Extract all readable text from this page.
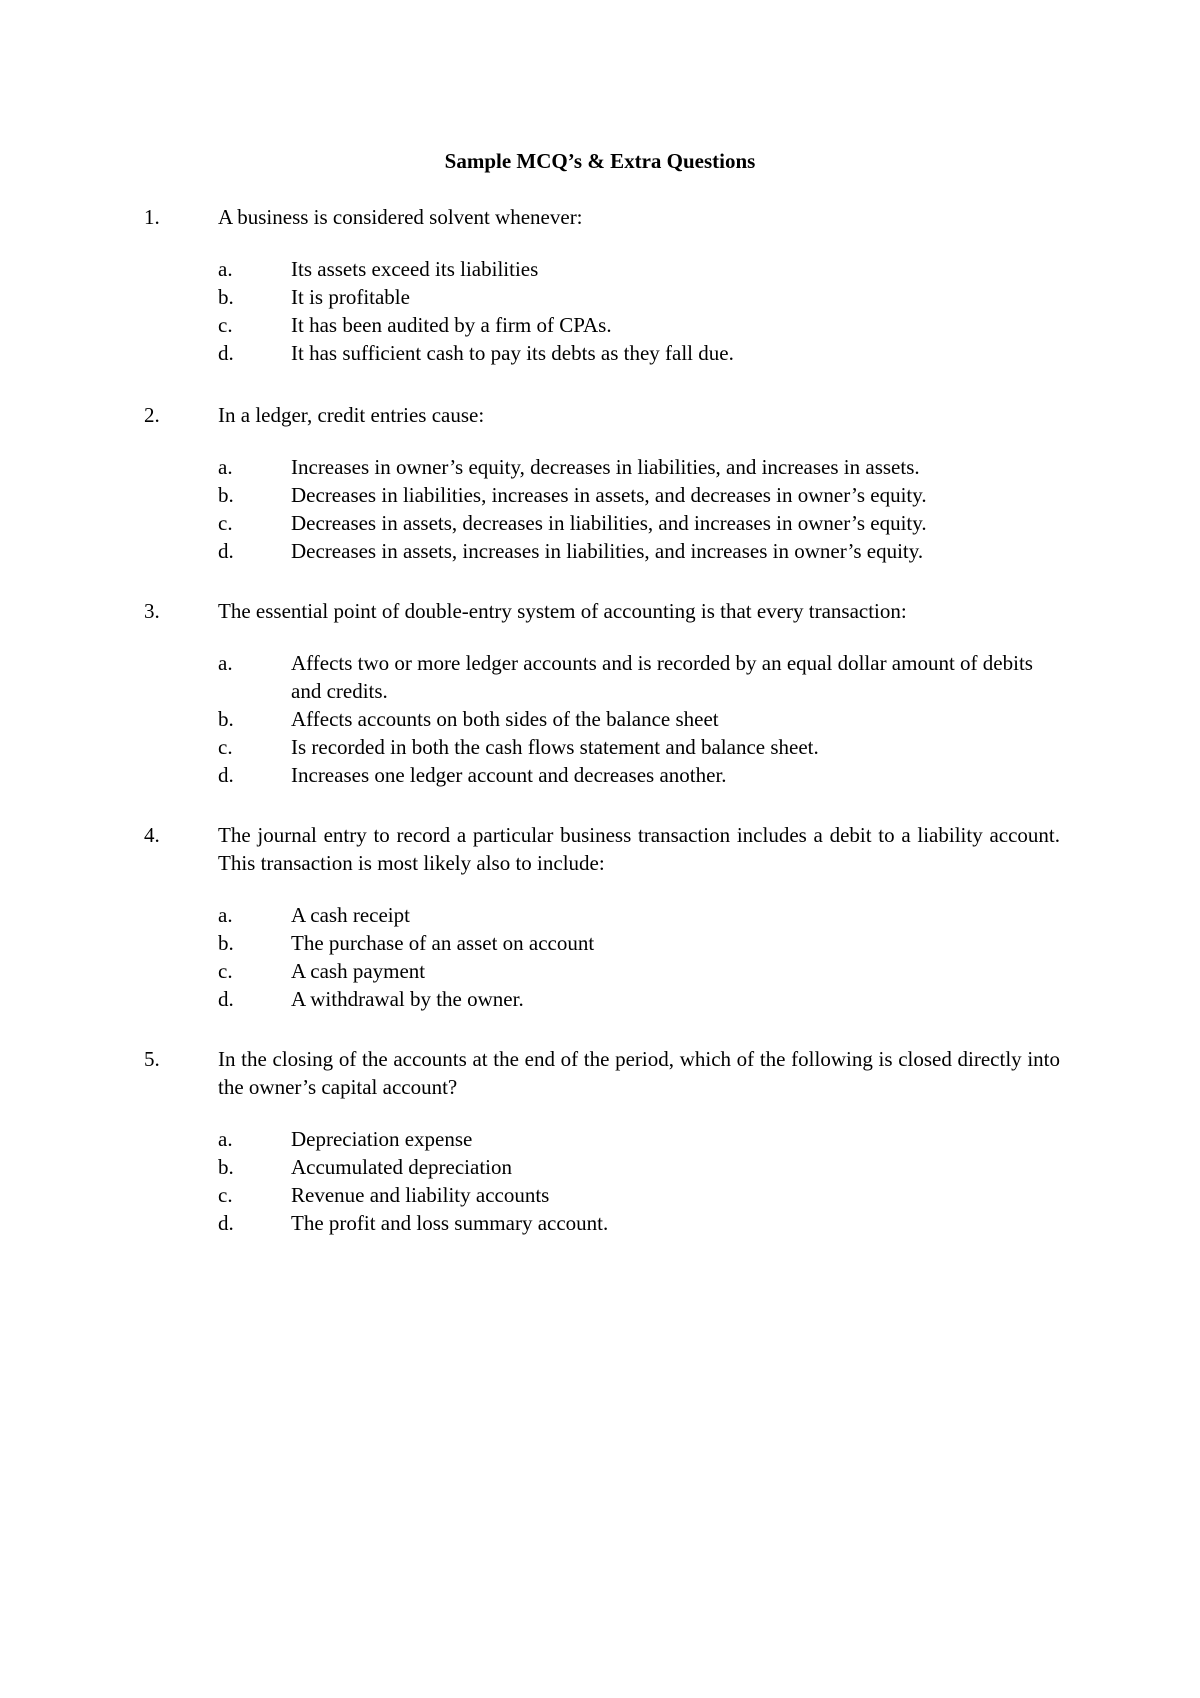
Sample MCQ’s & Extra Questions
1.	A business is considered solvent whenever:
a.	Its assets exceed its liabilities
b.	It is profitable
c.	It has been audited by a firm of CPAs.
d.	It has sufficient cash to pay its debts as they fall due.
2.	In a ledger, credit entries cause:
a.	Increases in owner’s equity, decreases in liabilities, and increases in assets.
b.	Decreases in liabilities, increases in assets, and decreases in owner’s equity.
c.	Decreases in assets, decreases in liabilities, and increases in owner’s equity.
d.	Decreases in assets, increases in liabilities, and increases in owner’s equity.
3.	The essential point of double-entry system of accounting is that every transaction:
a.	Affects two or more ledger accounts and is recorded by an equal dollar amount of debits and credits.
b.	Affects accounts on both sides of the balance sheet
c.	Is recorded in both the cash flows statement and balance sheet.
d.	Increases one ledger account and decreases another.
4.	The journal entry to record a particular business transaction includes a debit to a liability account. This transaction is most likely also to include:
a.	A cash receipt
b.	The purchase of an asset on account
c.	A cash payment
d.	A withdrawal by the owner.
5.	In the closing of the accounts at the end of the period, which of the following is closed directly into the owner’s capital account?
a.	Depreciation expense
b.	Accumulated depreciation
c.	Revenue and liability accounts
d.	The profit and loss summary account.
